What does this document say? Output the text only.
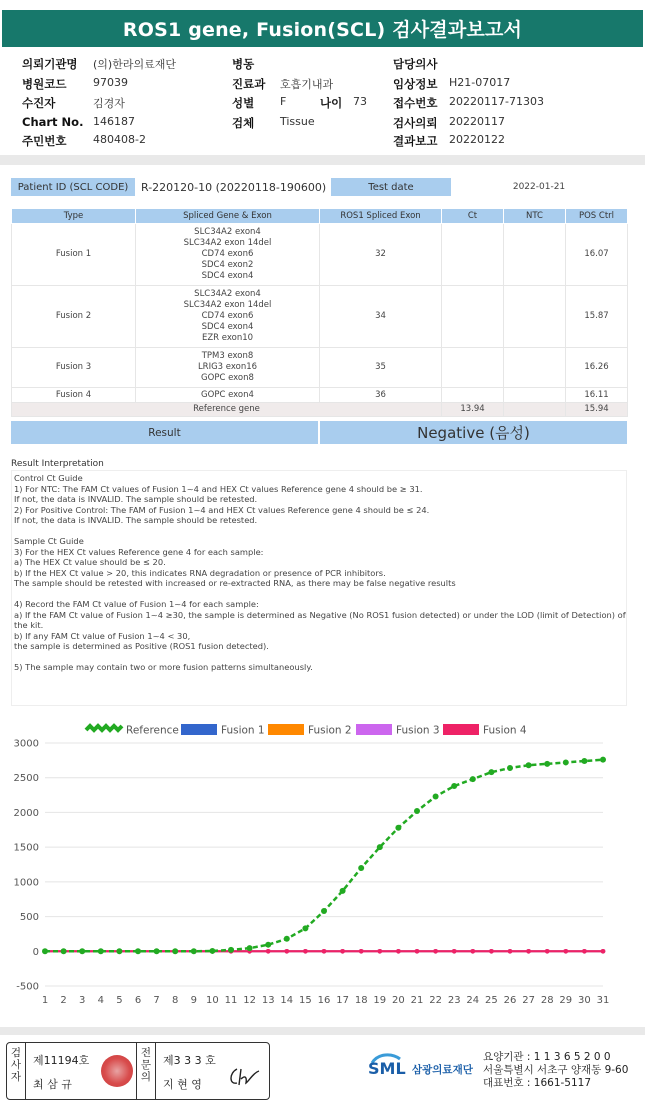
ROS1 gene, Fusion(SCL) 검사결과보고서
의뢰기관명 (의)한라의료재단	병동	담당의사
병원코드 97039	진료과 호흡기내과	임상정보 H21-07017
수진자	김경자	성별 F	나이 73 접수번호 20220117-71303
Chart No. 146187	검체 Tissue	검사의뢰 20220117
주민번호 480408-2	결과보고 20220122
Patient ID (SCL CODE)	R-220120-10 (20220118-190600)	Test date	2022-01-21
Type	Spliced Gene & Exon	ROS1 Spliced Exon	Ct	NTC	POS Ctrl
Fusion 1	SLC34A2 exon4
SLC34A2 exon 14del
CD74 exon6
SDC4 exon2
SDC4 exon4	32			16.07
Fusion 2	SLC34A2 exon4
SLC34A2 exon 14del
CD74 exon6
SDC4 exon4
EZR exon10	34			15.87
Fusion 3	TPM3 exon8
LRIG3 exon16
GOPC exon8	35			16.26
Fusion 4	GOPC exon4	36			16.11
Reference gene			13.94		15.94
Result	Negative (음성)
Result Interpretation
Control Ct Guide
1) For NTC: The FAM Ct values of Fusion 1~4 and HEX Ct values Reference gene 4 should be ≥ 31.
If not, the data is INVALID. The sample should be retested.
2) For Positive Control: The FAM of Fusion 1~4 and HEX Ct values Reference gene 4 should be ≤ 24.
If not, the data is INVALID. The sample should be retested.

Sample Ct Guide
3) For the HEX Ct values Reference gene 4 for each sample:
a) The HEX Ct value should be ≤ 20.
b) If the HEX Ct value > 20, this indicates RNA degradation or presence of PCR inhibitors.
The sample should be retested with increased or re-extracted RNA, as there may be false negative results

4) Record the FAM Ct value of Fusion 1~4 for each sample:
a) If the FAM Ct value of Fusion 1~4 ≥30, the sample is determined as Negative (No ROS1 fusion detected) or under the LOD (limit of Detection) of
the kit.
b) If any FAM Ct value of Fusion 1~4 < 30,
the sample is determined as Positive (ROS1 fusion detected).

5) The sample may contain two or more fusion patterns simultaneously.
-500
0
500
1000
1500
2000
2500
3000
1 2 3 4 5 6 7 8 9 10 11 12 13 14 15 16 17 18 19 20 21 22 23 24 25 26 27 28 29 30 31
Reference	Fusion 1	Fusion 2	Fusion 3	Fusion 4
검
사
자
제11194호
최 삼 규
전
문
의
제3 3 3 호
지 현 영
SML 삼광의료재단
요양기관 : 1 1 3 6 5 2 0 0
서울특별시 서초구 양재동 9-60
대표번호 : 1661-5117
